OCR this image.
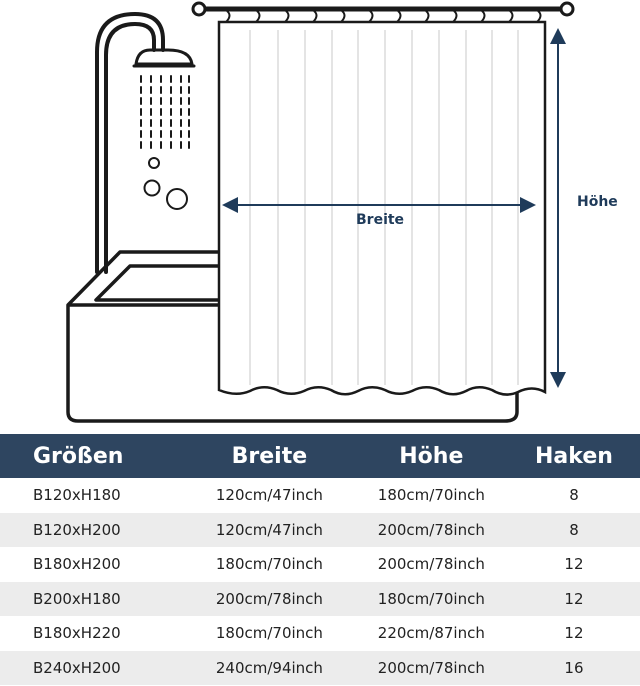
Breite
Höhe
Größen	Breite	Höhe	Haken
B120xH180	120cm/47inch	180cm/70inch	8
B120xH200	120cm/47inch	200cm/78inch	8
B180xH200	180cm/70inch	200cm/78inch	12
B200xH180	200cm/78inch	180cm/70inch	12
B180xH220	180cm/70inch	220cm/87inch	12
B240xH200	240cm/94inch	200cm/78inch	16
